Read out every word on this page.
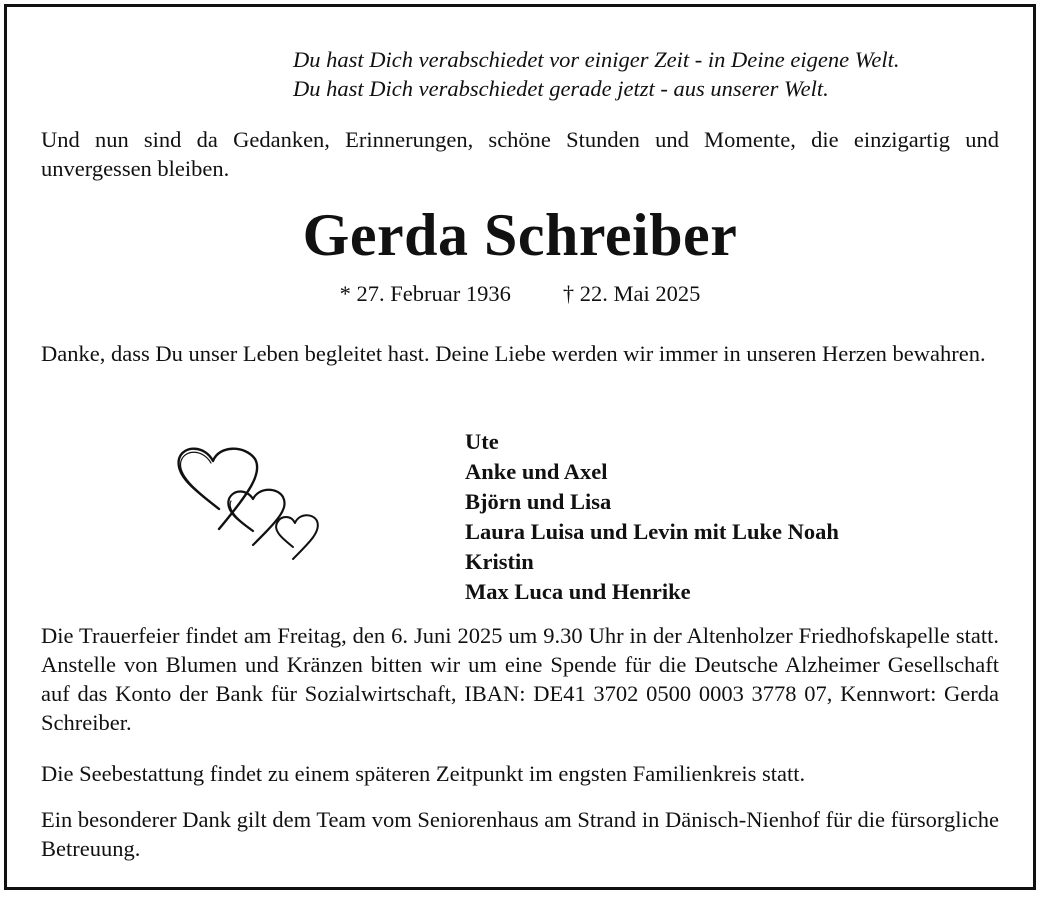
Du hast Dich verabschiedet vor einiger Zeit - in Deine eigene Welt.
Du hast Dich verabschiedet gerade jetzt - aus unserer Welt.

Und nun sind da Gedanken, Erinnerungen, schöne Stunden und Momente, die einzigartig und unvergessen bleiben.

Gerda Schreiber
* 27. Februar 1936 † 22. Mai 2025

Danke, dass Du unser Leben begleitet hast. Deine Liebe werden wir immer in unseren Herzen bewahren.

Ute
Anke und Axel
Björn und Lisa
Laura Luisa und Levin mit Luke Noah
Kristin
Max Luca und Henrike

Die Trauerfeier findet am Freitag, den 6. Juni 2025 um 9.30 Uhr in der Altenholzer Friedhofskapelle statt. Anstelle von Blumen und Kränzen bitten wir um eine Spende für die Deutsche Alzheimer Gesellschaft auf das Konto der Bank für Sozialwirtschaft, IBAN: DE41 3702 0500 0003 3778 07, Kennwort: Gerda Schreiber.

Die Seebestattung findet zu einem späteren Zeitpunkt im engsten Familienkreis statt.

Ein besonderer Dank gilt dem Team vom Seniorenhaus am Strand in Dänisch-Nienhof für die fürsorgliche Betreuung.
